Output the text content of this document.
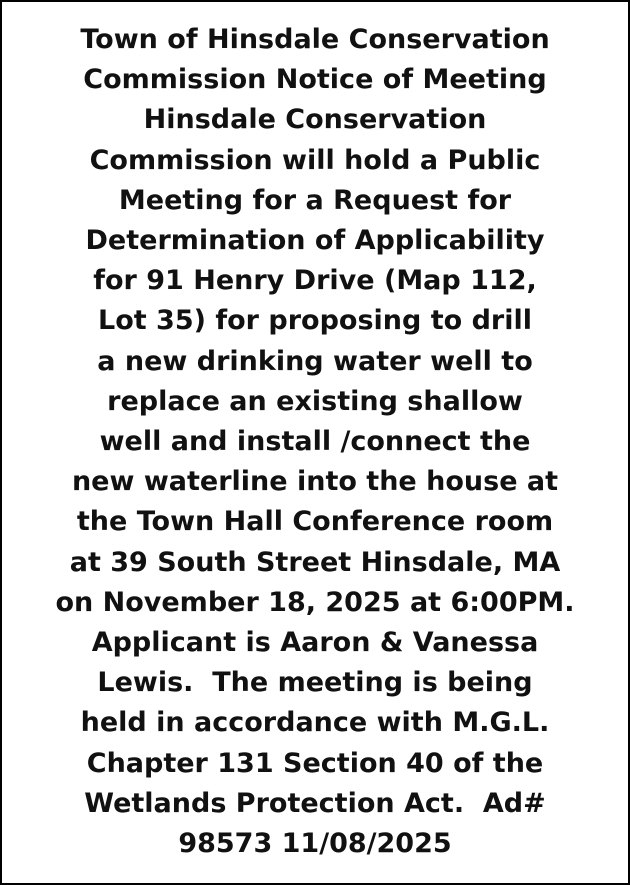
Town of Hinsdale Conservation
Commission Notice of Meeting
Hinsdale Conservation
Commission will hold a Public
Meeting for a Request for
Determination of Applicability
for 91 Henry Drive (Map 112,
Lot 35) for proposing to drill
a new drinking water well to
replace an existing shallow
well and install /connect the
new waterline into the house at
the Town Hall Conference room
at 39 South Street Hinsdale, MA
on November 18, 2025 at 6:00PM.
Applicant is Aaron & Vanessa
Lewis.  The meeting is being
held in accordance with M.G.L.
Chapter 131 Section 40 of the
Wetlands Protection Act.  Ad#
98573 11/08/2025
